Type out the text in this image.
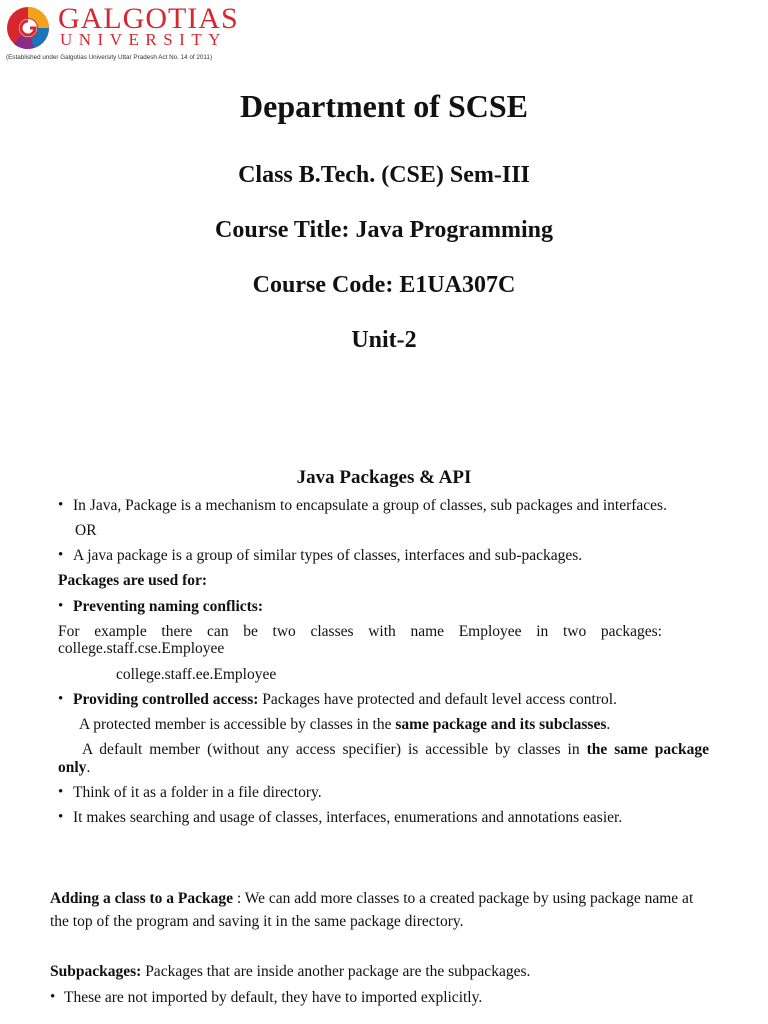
GALGOTIAS
UNIVERSITY
(Established under Galgotias University Uttar Pradesh Act No. 14 of 2011)
Department of SCSE
Class B.Tech. (CSE) Sem-III
Course Title: Java Programming
Course Code: E1UA307C
Unit-2
Java Packages & API
• In Java, Package is a mechanism to encapsulate a group of classes, sub packages and interfaces.
OR
• A java package is a group of similar types of classes, interfaces and sub-packages.
Packages are used for:
• Preventing naming conflicts:
For example there can be two classes with name Employee in two packages:
college.staff.cse.Employee
college.staff.ee.Employee
• Providing controlled access: Packages have protected and default level access control.
A protected member is accessible by classes in the same package and its subclasses.
A default member (without any access specifier) is accessible by classes in the same package
only.
• Think of it as a folder in a file directory.
• It makes searching and usage of classes, interfaces, enumerations and annotations easier.
Adding a class to a Package : We can add more classes to a created package by using package name at
the top of the program and saving it in the same package directory.
Subpackages: Packages that are inside another package are the subpackages.
• These are not imported by default, they have to imported explicitly.
